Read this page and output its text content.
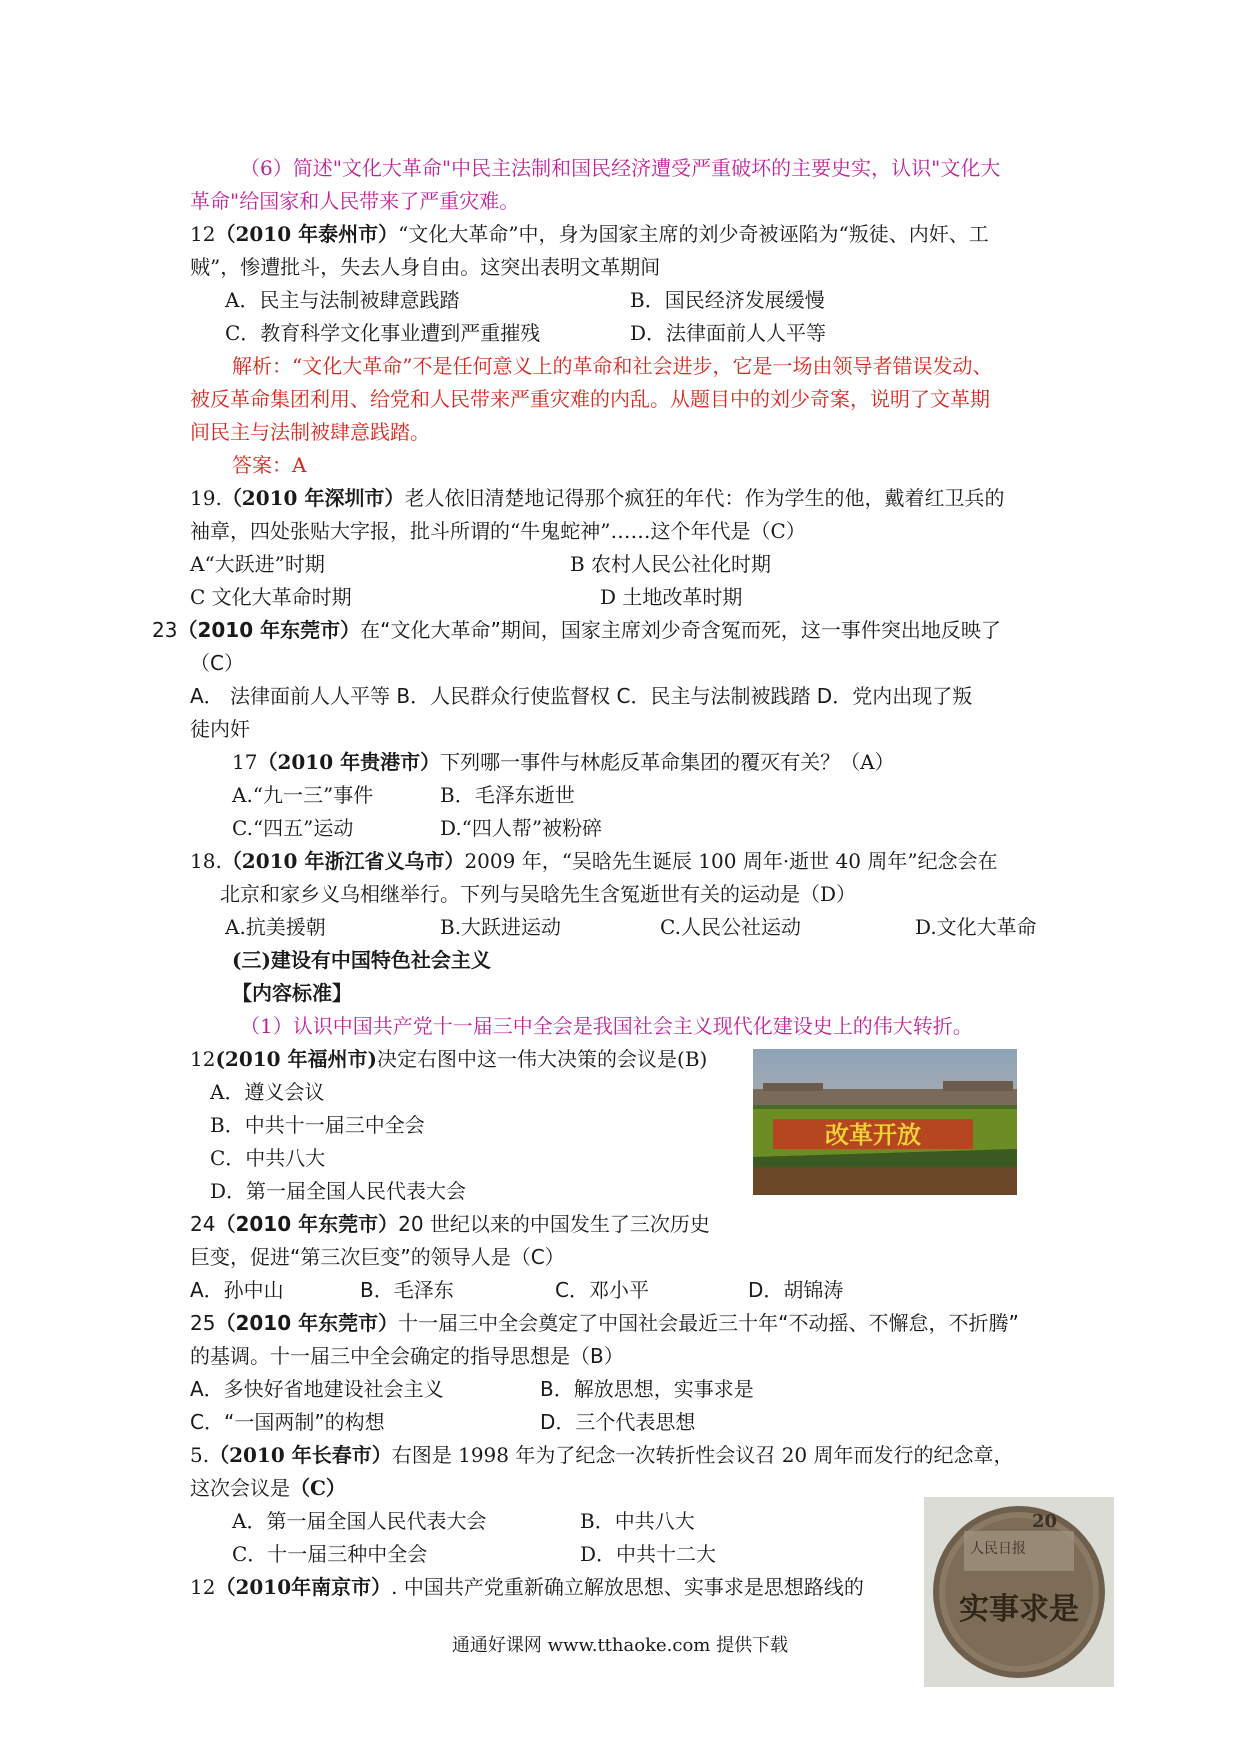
（6）简述"文化大革命"中民主法制和国民经济遭受严重破坏的主要史实，认识"文化大
革命"给国家和人民带来了严重灾难。
12（2010 年泰州市）“文化大革命”中，身为国家主席的刘少奇被诬陷为“叛徒、内奸、工
贼”，惨遭批斗，失去人身自由。这突出表明文革期间
A．民主与法制被肆意践踏	B．国民经济发展缓慢
C．教育科学文化事业遭到严重摧残	D．法律面前人人平等
解析：“文化大革命”不是任何意义上的革命和社会进步，它是一场由领导者错误发动、
被反革命集团利用、给党和人民带来严重灾难的内乱。从题目中的刘少奇案，说明了文革期
间民主与法制被肆意践踏。
答案：A
19.（2010 年深圳市）老人依旧清楚地记得那个疯狂的年代：作为学生的他，戴着红卫兵的
袖章，四处张贴大字报，批斗所谓的“牛鬼蛇神”……这个年代是（C）
A“大跃进”时期	B 农村人民公社化时期
C 文化大革命时期	D 土地改革时期
23（2010 年东莞市）在“文化大革命”期间，国家主席刘少奇含冤而死，这一事件突出地反映了
（C）
A． 法律面前人人平等 B．人民群众行使监督权 C．民主与法制被践踏 D．党内出现了叛
徒内奸
17（2010 年贵港市）下列哪一事件与林彪反革命集团的覆灭有关？（A）
A.“九一三”事件	B．毛泽东逝世
C.“四五”运动	D.“四人帮”被粉碎
18.（2010 年浙江省义乌市）2009 年，“吴晗先生诞辰 100 周年·逝世 40 周年”纪念会在
北京和家乡义乌相继举行。下列与吴晗先生含冤逝世有关的运动是（D）
A.抗美援朝	B.大跃进运动	C.人民公社运动	D.文化大革命
(三)建设有中国特色社会主义
【内容标准】
（1）认识中国共产党十一届三中全会是我国社会主义现代化建设史上的伟大转折。
12(2010 年福州市)决定右图中这一伟大决策的会议是(B)
A．遵义会议
B．中共十一届三中全会
C．中共八大
D．第一届全国人民代表大会
改革开放
24（2010 年东莞市）20 世纪以来的中国发生了三次历史
巨变，促进“第三次巨变”的领导人是（C）
A．孙中山	B．毛泽东	C．邓小平	D．胡锦涛
25（2010 年东莞市）十一届三中全会奠定了中国社会最近三十年“不动摇、不懈怠，不折腾”
的基调。十一届三中全会确定的指导思想是（B）
A．多快好省地建设社会主义	B．解放思想，实事求是
C．“一国两制”的构想	D．三个代表思想
5.（2010 年长春市）右图是 1998 年为了纪念一次转折性会议召 20 周年而发行的纪念章，
这次会议是（C）
A．第一届全国人民代表大会	B．中共八大
C．十一届三种中全会	D．中共十二大
12（2010年南京市）. 中国共产党重新确立解放思想、实事求是思想路线的
20
人民日报
实事求是
通通好课网 www.tthaoke.com 提供下载
